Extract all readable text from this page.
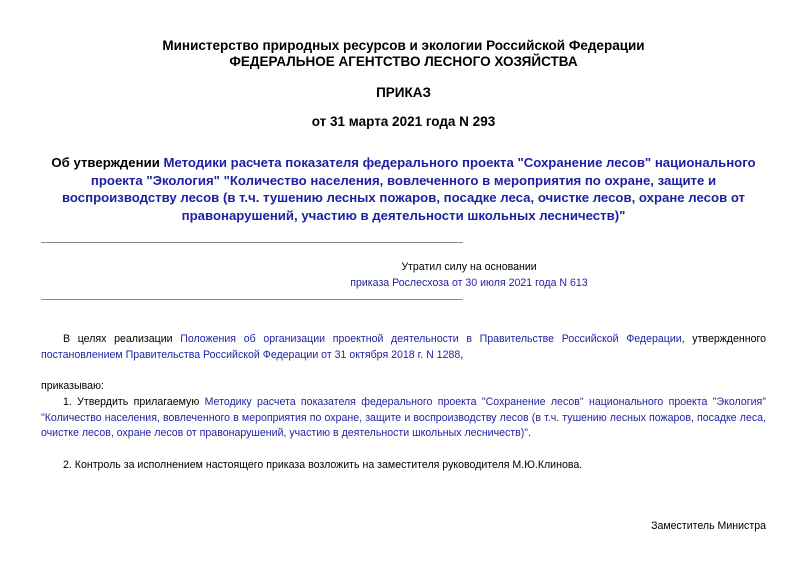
Министерство природных ресурсов и экологии Российской Федерации
ФЕДЕРАЛЬНОЕ АГЕНТСТВО ЛЕСНОГО ХОЗЯЙСТВА
ПРИКАЗ
от 31 марта 2021 года N 293
Об утверждении Методики расчета показателя федерального проекта "Сохранение лесов" национального проекта "Экология" "Количество населения, вовлеченного в мероприятия по охране, защите и воспроизводству лесов (в т.ч. тушению лесных пожаров, посадке леса, очистке лесов, охране лесов от правонарушений, участию в деятельности школьных лесничеств)"
Утратил силу на основании
приказа Рослесхоза от 30 июля 2021 года N 613
В целях реализации Положения об организации проектной деятельности в Правительстве Российской Федерации, утвержденного постановлением Правительства Российской Федерации от 31 октября 2018 г. N 1288,
приказываю:
1. Утвердить прилагаемую Методику расчета показателя федерального проекта "Сохранение лесов" национального проекта "Экология" "Количество населения, вовлеченного в мероприятия по охране, защите и воспроизводству лесов (в т.ч. тушению лесных пожаров, посадке леса, очистке лесов, охране лесов от правонарушений, участию в деятельности школьных лесничеств)".
2. Контроль за исполнением настоящего приказа возложить на заместителя руководителя М.Ю.Клинова.
Заместитель Министра
